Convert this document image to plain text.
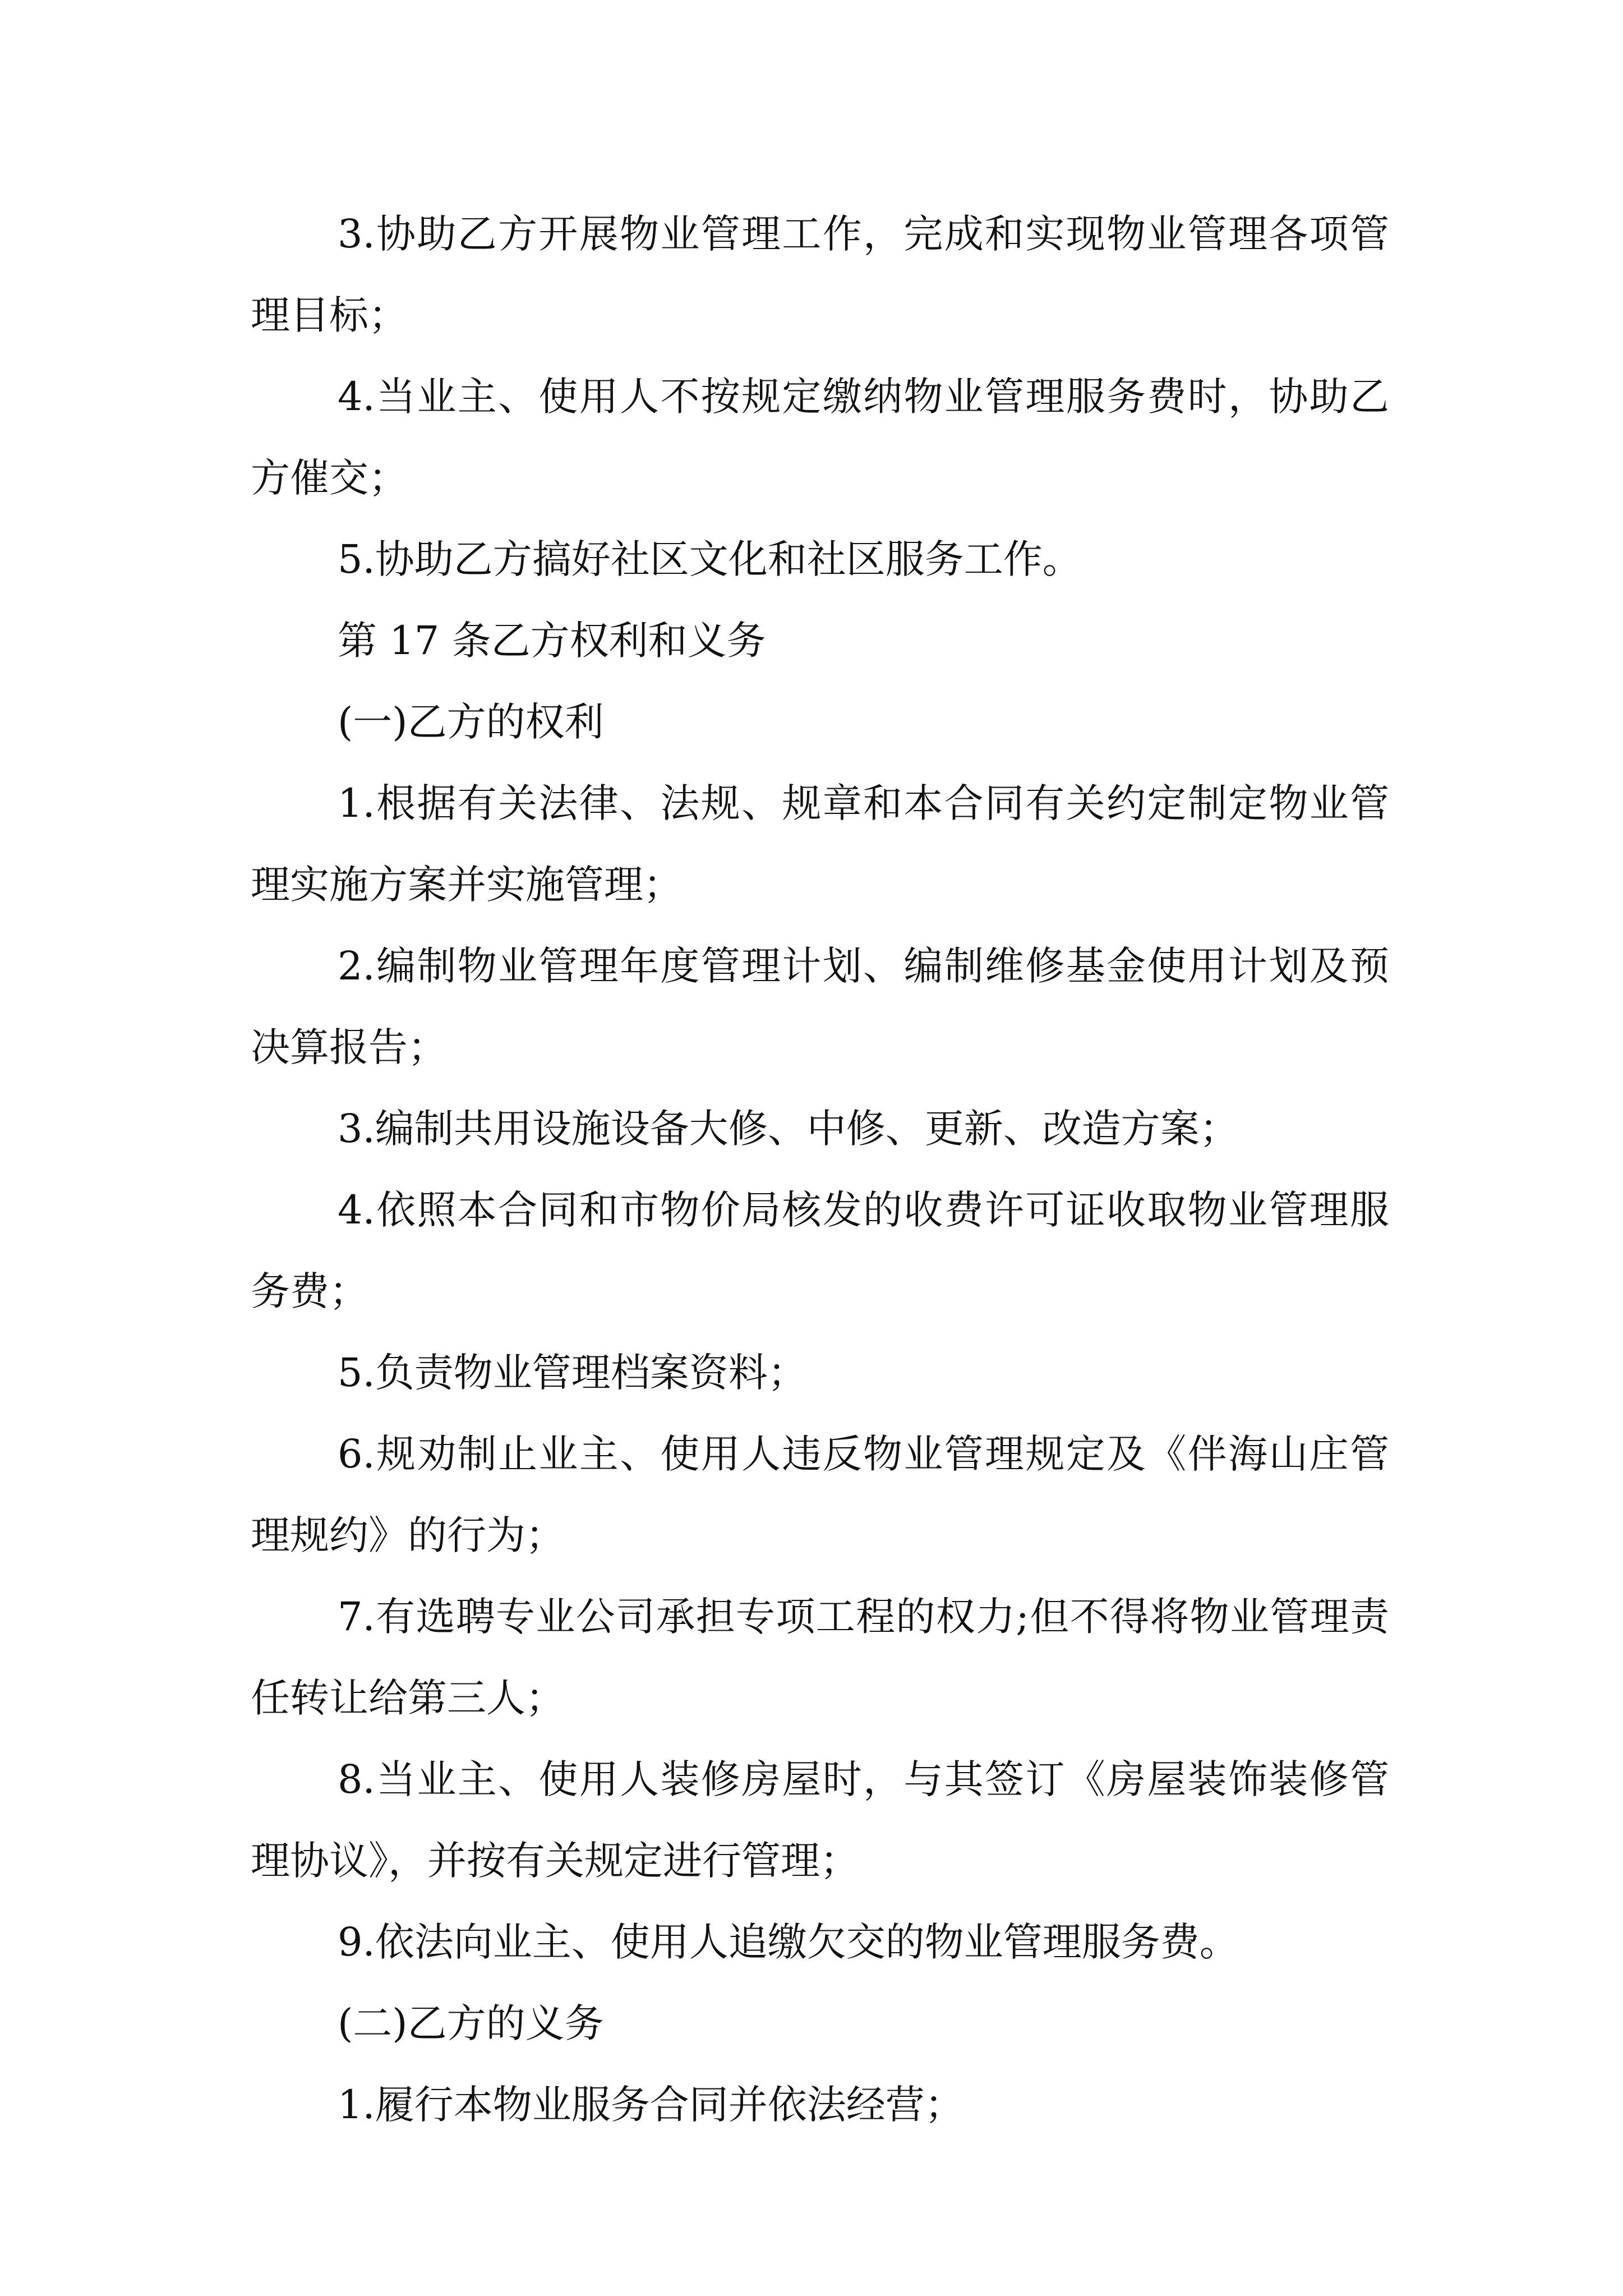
3.协助乙方开展物业管理工作，完成和实现物业管理各项管理目标；

4.当业主、使用人不按规定缴纳物业管理服务费时，协助乙方催交；

5.协助乙方搞好社区文化和社区服务工作。

第 17 条乙方权利和义务

(一)乙方的权利

1.根据有关法律、法规、规章和本合同有关约定制定物业管理实施方案并实施管理；

2.编制物业管理年度管理计划、编制维修基金使用计划及预决算报告；

3.编制共用设施设备大修、中修、更新、改造方案；

4.依照本合同和市物价局核发的收费许可证收取物业管理服务费；

5.负责物业管理档案资料；

6.规劝制止业主、使用人违反物业管理规定及《伴海山庄管理规约》的行为；

7.有选聘专业公司承担专项工程的权力;但不得将物业管理责任转让给第三人；

8.当业主、使用人装修房屋时，与其签订《房屋装饰装修管理协议》，并按有关规定进行管理；

9.依法向业主、使用人追缴欠交的物业管理服务费。

(二)乙方的义务

1.履行本物业服务合同并依法经营；
